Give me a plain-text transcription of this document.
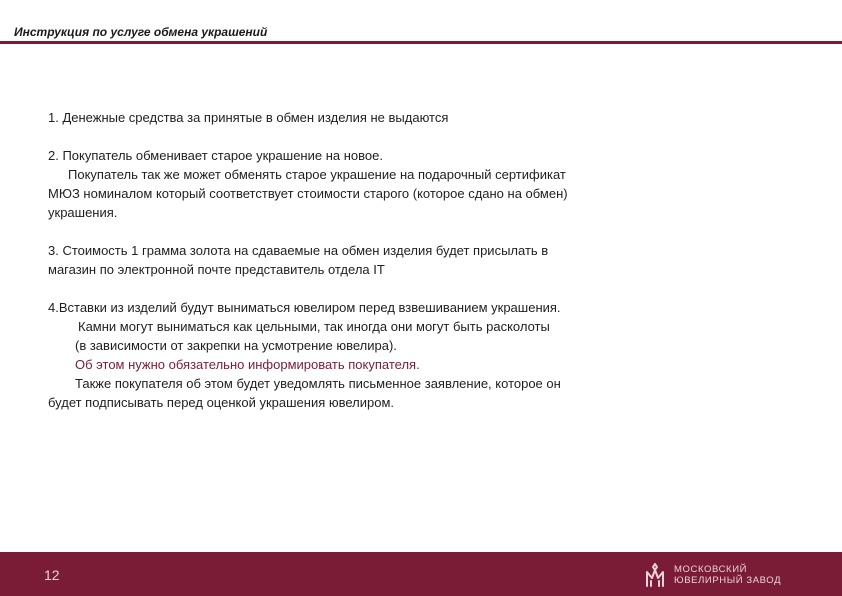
Инструкция по услуге обмена украшений
1. Денежные средства за принятые в обмен изделия не выдаются
2. Покупатель обменивает старое украшение на новое.
Покупатель так же может обменять старое украшение на подарочный сертификат
МЮЗ номиналом который соответствует стоимости старого (которое сдано на обмен)
украшения.
3. Стоимость 1 грамма золота на сдаваемые на обмен изделия будет присылать в
магазин по электронной почте представитель отдела IT
4.Вставки из изделий будут выниматься ювелиром перед взвешиванием украшения.
Камни могут выниматься как цельными, так иногда они могут быть расколоты
(в зависимости от закрепки на усмотрение ювелира).
Об этом нужно обязательно информировать покупателя.
Также покупателя об этом будет уведомлять письменное заявление, которое он
будет подписывать перед оценкой украшения ювелиром.
12	МОСКОВСКИЙ
ЮВЕЛИРНЫЙ ЗАВОД
